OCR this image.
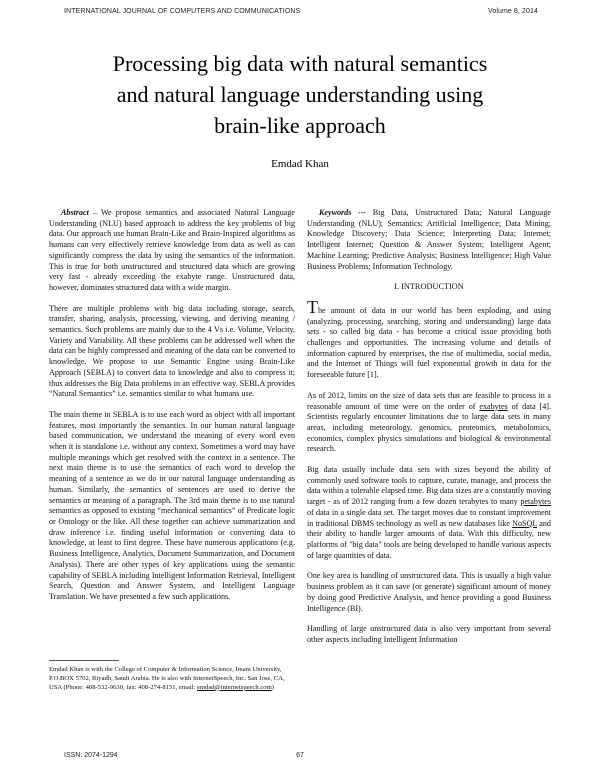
INTERNATIONAL JOURNAL OF COMPUTERS AND COMMUNICATIONS	Volume 8, 2014
Processing big data with natural semantics
and natural language understanding using
brain-like approach
Emdad Khan

Abstract – We propose semantics and associated Natural Language Understanding (NLU) based approach to address the key problems of big data. Our approach use human Brain-Like and Brain-Inspired algorithms as humans can very effectively retrieve knowledge from data as well as can significantly compress the data by using the semantics of the information. This is true for both unstructured and structured data which are growing very fast - already exceeding the exabyte range. Unstructured data, however, dominates structured data with a wide margin.

There are multiple problems with big data including storage, search, transfer, sharing, analysis, processing, viewing, and deriving meaning / semantics. Such problems are mainly due to the 4 Vs i.e. Volume, Velocity, Variety and Variability. All these problems can be addressed well when the data can be highly compressed and meaning of the data can be converted to knowledge. We propose to use Semantic Engine using Brain-Like Approach (SEBLA) to convert data to knowledge and also to compress it; thus addresses the Big Data problems in an effective way. SEBLA provides “Natural Semantics” i.e. semantics similar to what humans use.

The main theme in SEBLA is to use each word as object with all important features, most importantly the semantics. In our human natural language based communication, we understand the meaning of every word even when it is standalone i.e. without any context. Sometimes a word may have multiple meanings which get resolved with the context in a sentence. The next main theme is to use the semantics of each word to develop the meaning of a sentence as we do in our natural language understanding as human. Similarly, the semantics of sentences are used to derive the semantics or meaning of a paragraph. The 3rd main theme is to use natural semantics as opposed to existing “mechanical semantics” of Predicate logic or Ontology or the like. All these together can achieve summarization and draw inference i.e. finding useful information or converting data to knowledge, at least to first degree. These have numerous applications (e.g. Business Intelligence, Analytics, Document Summarization, and Document Analysis). There are other types of key applications using the semantic capability of SEBLA including Intelligent Information Retrieval, Intelligent Search, Question and Answer System, and Intelligent Language Translation. We have presented a few such applications.

Emdad Khan is with the College of Computer & Information Science, Imam University, P.O.BOX 5702, Riyadh, Saudi Arabia. He is also with InternetSpeech, Inc. San Jose, CA, USA (Phone: 408-532-9630, fax: 408-274-8151, email: emdad@internetspeech.com)

Keywords --- Big Data, Unstructured Data; Natural Language Understanding (NLU); Semantics; Artificial Intelligence; Data Mining; Knowledge Discovery; Data Science; Interpreting Data; Internet; Intelligent Internet; Question & Answer System; Intelligent Agent; Machine Learning; Predictive Analysis; Business Intelligence; High Value Business Problems; Information Technology.

I. INTRODUCTION

The amount of data in our world has been exploding, and using (analyzing, processing, searching, storing and understanding) large data sets - so called big data - has become a critical issue providing both challenges and opportunities. The increasing volume and details of information captured by enterprises, the rise of multimedia, social media, and the Internet of Things will fuel exponential growth in data for the foreseeable future [1].

As of 2012, limits on the size of data sets that are feasible to process in a reasonable amount of time were on the order of exabytes of data [4]. Scientists regularly encounter limitations due to large data sets in many areas, including meteorology, genomics, proteomics, metabolomics, economics, complex physics simulations and biological & environmental research.

Big data usually include data sets with sizes beyond the ability of commonly used software tools to capture, curate, manage, and process the data within a tolerable elapsed time. Big data sizes are a constantly moving target - as of 2012 ranging from a few dozen terabytes to many petabytes of data in a single data set. The target moves due to constant improvement in traditional DBMS technology as well as new databases like NoSQL and their ability to handle larger amounts of data. With this difficulty, new platforms of "big data" tools are being developed to handle various aspects of large quantities of data.

One key area is handling of unstructured data. This is usually a high value business problem as it can save (or generate) significant amount of money by doing good Predictive Analysis, and hence providing a good Business Intelligence (BI).

Handling of large unstructured data is also very important from several other aspects including Intelligent Information

ISSN: 2074-1294	67
